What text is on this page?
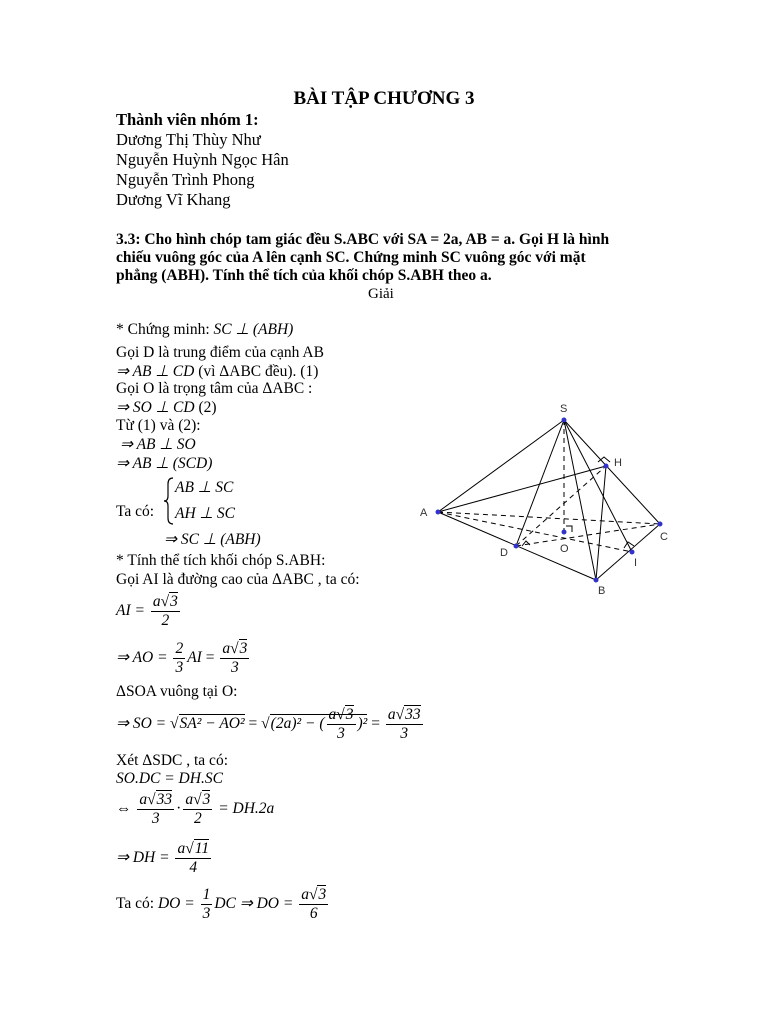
BÀI TẬP CHƯƠNG 3
Thành viên nhóm 1:
Dương Thị Thùy Như
Nguyễn Huỳnh Ngọc Hân
Nguyễn Trình Phong
Dương Vĩ Khang
3.3: Cho hình chóp tam giác đều S.ABC với SA = 2a, AB = a. Gọi H là hình
chiếu vuông góc của A lên cạnh SC. Chứng minh SC vuông góc với mặt
phẳng (ABH). Tính thể tích của khối chóp S.ABH theo a.
Giải
* Chứng minh: SC ⊥ (ABH)
Gọi D là trung điểm của cạnh AB
⇒ AB ⊥ CD (vì ΔABC đều). (1)
Gọi O là trọng tâm của ΔABC :
⇒ SO ⊥ CD (2)
Từ (1) và (2):
⇒ AB ⊥ SO
⇒ AB ⊥ (SCD)
Ta có:
AB ⊥ SC
AH ⊥ SC
⇒ SC ⊥ (ABH)
* Tính thể tích khối chóp S.ABH:
Gọi AI là đường cao của ΔABC , ta có:
AI = $\frac{a√3}{2}$
⇒ AO = $\frac{2}{3}$ AI = $\frac{a√3}{3}$
ΔSOA vuông tại O:
⇒ SO = √SA² − AO² = √(2a)² − ( $\frac{a√3}{3} )^2 = \frac{a√33}{3}$
Xét ΔSDC , ta có:
SO.DC = DH.SC
⇔ $\frac{a√33}{3} \cdot \frac{a√3}{2} = DH.2a$
⇒ DH = $\frac{a√11}{4}$
Ta có: DO = $\frac{1}{3}$ DC ⇒ DO = $\frac{a√3}{6}$
S
H
A
C
O
D
I
B
